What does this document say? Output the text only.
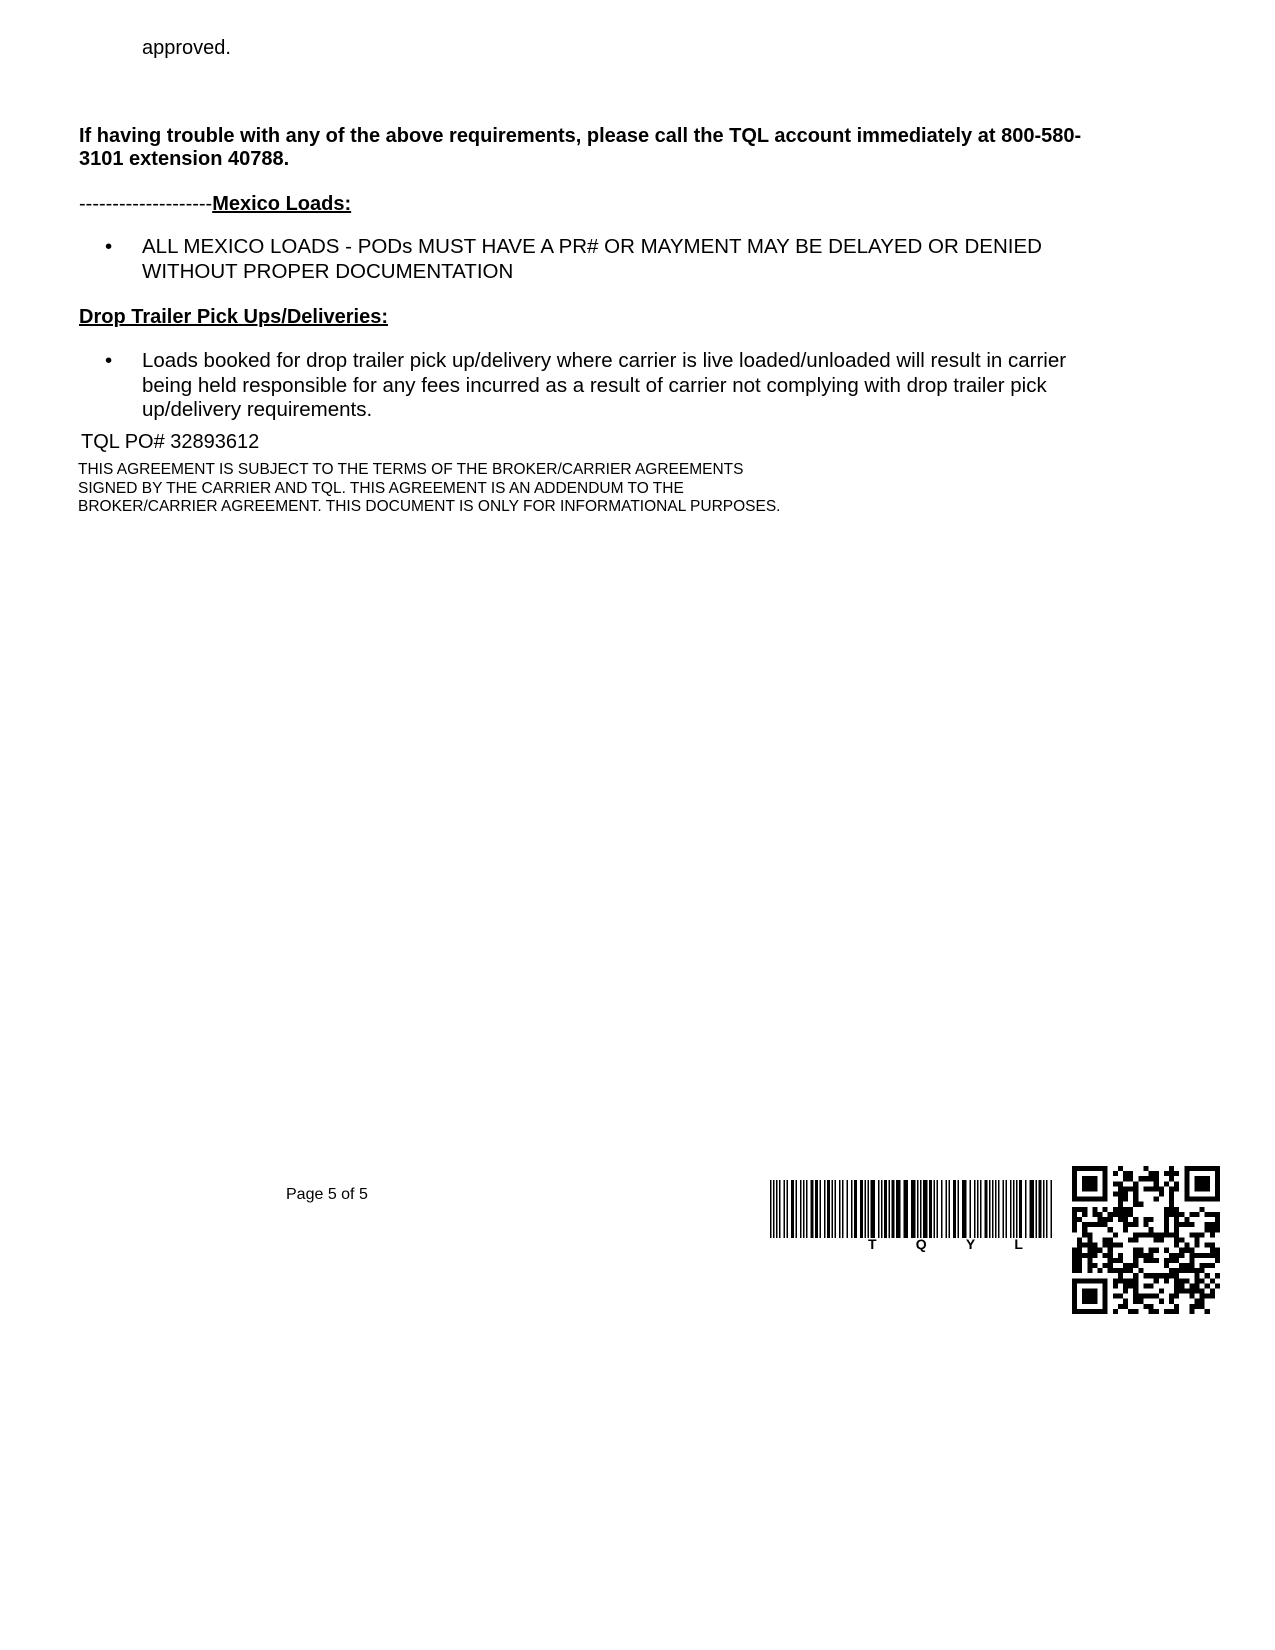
approved.
If having trouble with any of the above requirements, please call the TQL account immediately at 800-580-3101 extension 40788.
--------------------Mexico Loads:
• ALL MEXICO LOADS - PODs MUST HAVE A PR# OR MAYMENT MAY BE DELAYED OR DENIED WITHOUT PROPER DOCUMENTATION
Drop Trailer Pick Ups/Deliveries:
• Loads booked for drop trailer pick up/delivery where carrier is live loaded/unloaded will result in carrier being held responsible for any fees incurred as a result of carrier not complying with drop trailer pick up/delivery requirements.
TQL PO# 32893612
THIS AGREEMENT IS SUBJECT TO THE TERMS OF THE BROKER/CARRIER AGREEMENTS SIGNED BY THE CARRIER AND TQL. THIS AGREEMENT IS AN ADDENDUM TO THE BROKER/CARRIER AGREEMENT. THIS DOCUMENT IS ONLY FOR INFORMATIONAL PURPOSES.
Page 5 of 5
T	Q	Y	L
